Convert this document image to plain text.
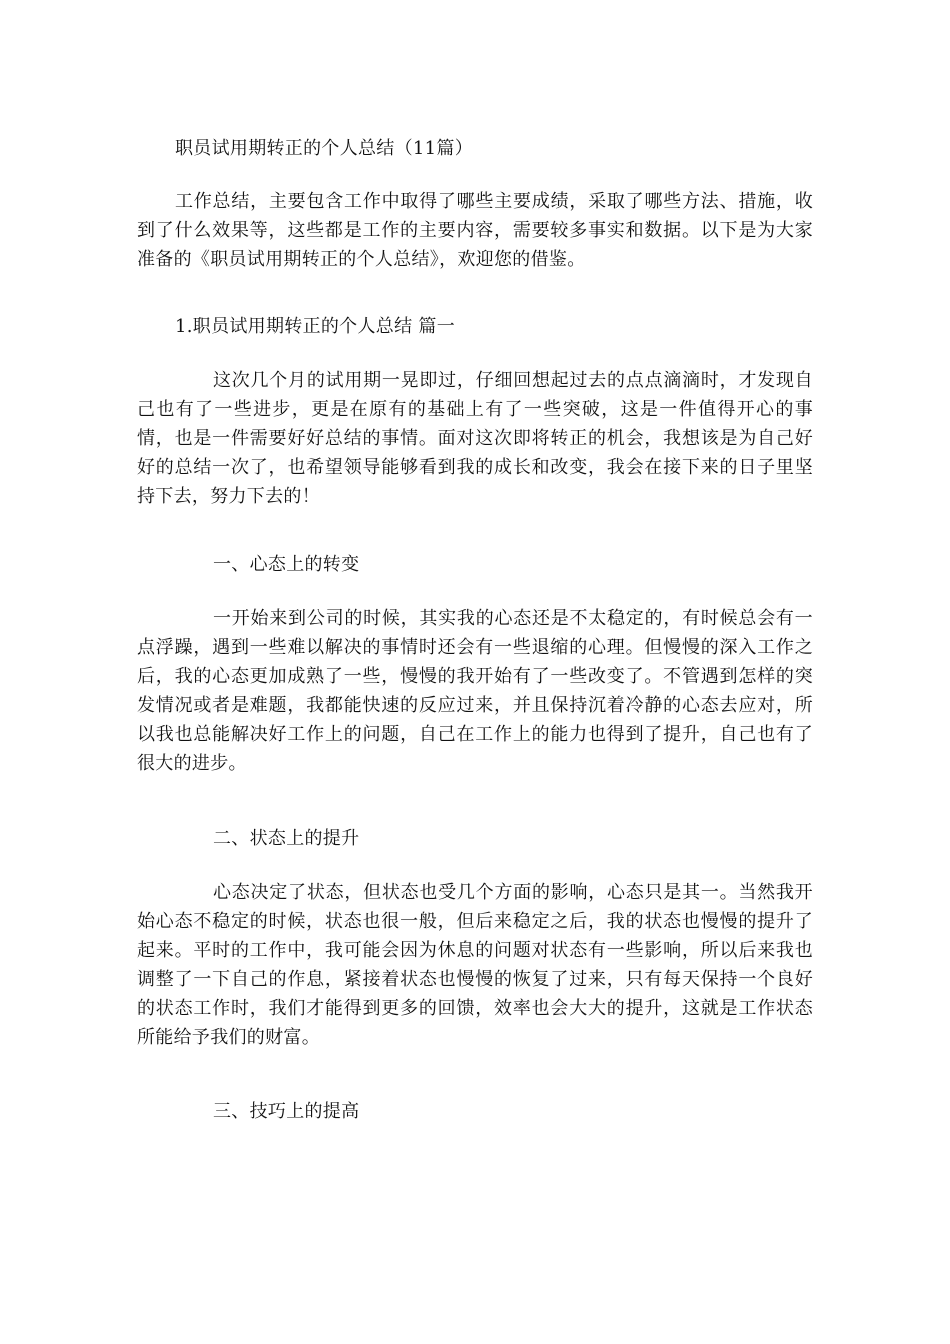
职员试用期转正的个人总结（11篇）

工作总结，主要包含工作中取得了哪些主要成绩，采取了哪些方法、措施，收到了什么效果等，这些都是工作的主要内容，需要较多事实和数据。以下是为大家准备的《职员试用期转正的个人总结》，欢迎您的借鉴。

1.职员试用期转正的个人总结 篇一

这次几个月的试用期一晃即过，仔细回想起过去的点点滴滴时，才发现自己也有了一些进步，更是在原有的基础上有了一些突破，这是一件值得开心的事情，也是一件需要好好总结的事情。面对这次即将转正的机会，我想该是为自己好好的总结一次了，也希望领导能够看到我的成长和改变，我会在接下来的日子里坚持下去，努力下去的！

一、心态上的转变

一开始来到公司的时候，其实我的心态还是不太稳定的，有时候总会有一点浮躁，遇到一些难以解决的事情时还会有一些退缩的心理。但慢慢的深入工作之后，我的心态更加成熟了一些，慢慢的我开始有了一些改变了。不管遇到怎样的突发情况或者是难题，我都能快速的反应过来，并且保持沉着冷静的心态去应对，所以我也总能解决好工作上的问题，自己在工作上的能力也得到了提升，自己也有了很大的进步。

二、状态上的提升

心态决定了状态，但状态也受几个方面的影响，心态只是其一。当然我开始心态不稳定的时候，状态也很一般，但后来稳定之后，我的状态也慢慢的提升了起来。平时的工作中，我可能会因为休息的问题对状态有一些影响，所以后来我也调整了一下自己的作息，紧接着状态也慢慢的恢复了过来，只有每天保持一个良好的状态工作时，我们才能得到更多的回馈，效率也会大大的提升，这就是工作状态所能给予我们的财富。

三、技巧上的提高
